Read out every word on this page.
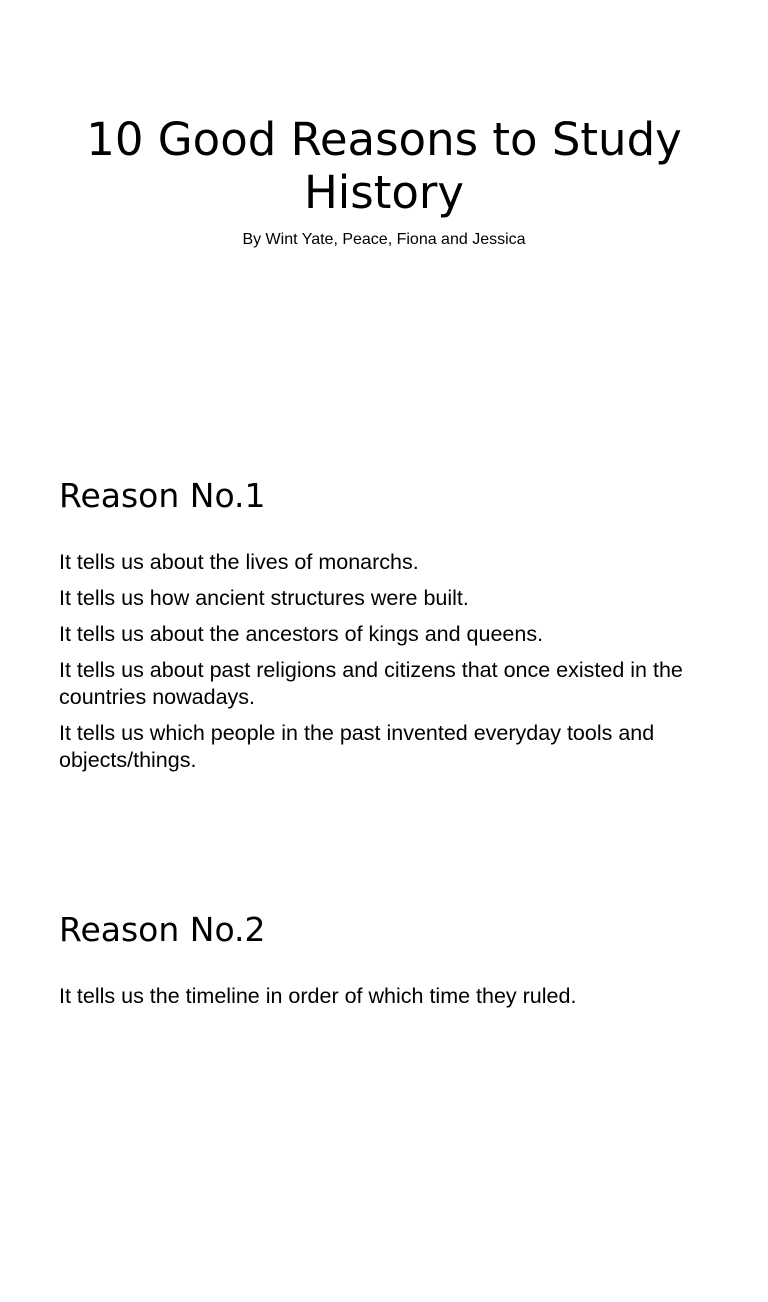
10 Good Reasons to Study History
By Wint Yate, Peace, Fiona and Jessica
Reason No.1
It tells us about the lives of monarchs.
It tells us how ancient structures were built.
It tells us about the ancestors of kings and queens.
It tells us about past religions and citizens that once existed in the countries nowadays.
It tells us which people in the past invented everyday tools and objects/things.
Reason No.2
It tells us the timeline in order of which time they ruled.
